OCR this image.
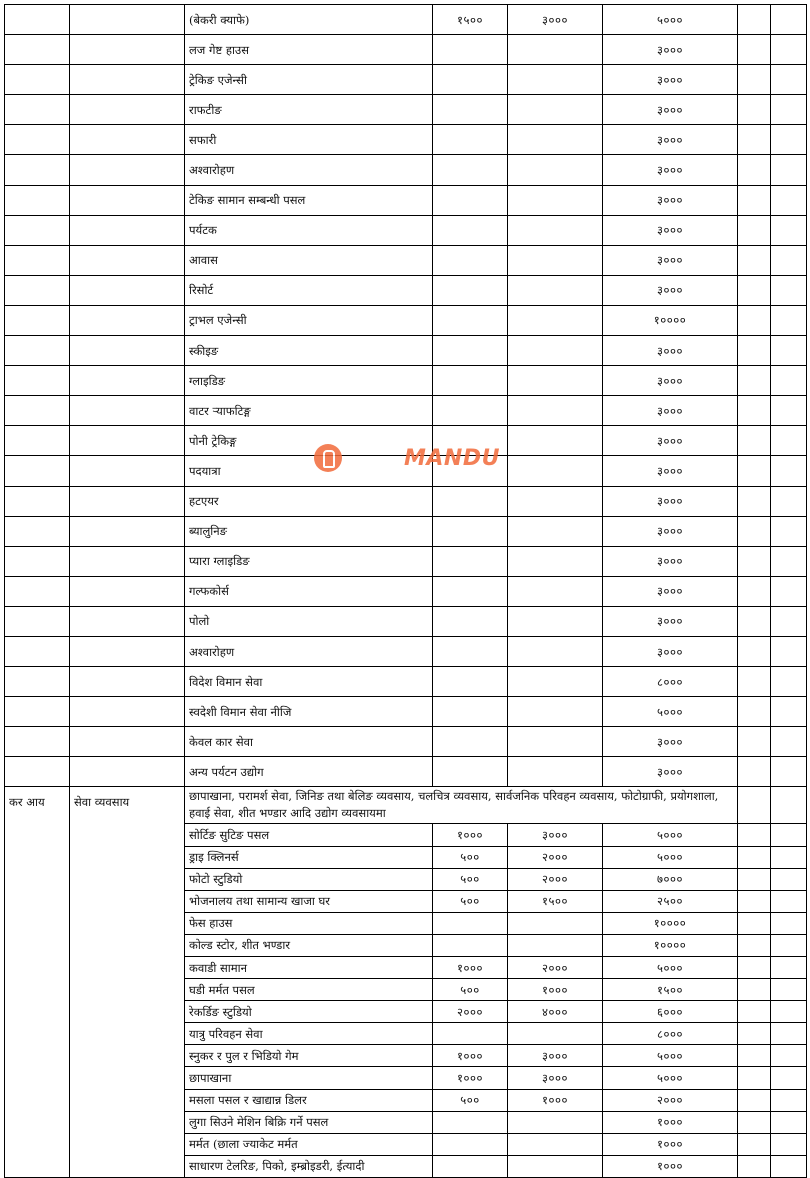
		(बेकरी क्याफे)	१५००	३०००	५०००		
		लज गेष्ट हाउस			३०००		
		ट्रेकिङ एजेन्सी			३०००		
		राफटीङ			३०००		
		सफारी			३०००		
		अश्वारोहण			३०००		
		टेकिङ सामान सम्बन्धी पसल			३०००		
		पर्यटक			३०००		
		आवास			३०००		
		रिसोर्ट			३०००		
		ट्राभल एजेन्सी			१००००		
		स्कीइङ			३०००		
		ग्लाइडिङ			३०००		
		वाटर ऱ्याफटिङ्ग			३०००		
		पोनी ट्रेकिङ्ग			३०००		
		पदयात्रा			३०००		
		हटएयर			३०००		
		ब्यालुनिङ			३०००		
		प्यारा ग्लाइडिङ			३०००		
		गल्फकोर्स			३०००		
		पोलो			३०००		
		अश्वारोहण			३०००		
		विदेश विमान सेवा			८०००		
		स्वदेशी विमान सेवा नीजि			५०००		
		केवल कार सेवा			३०००		
		अन्य पर्यटन उद्योग			३०००		
कर आय	सेवा व्यवसाय	छापाखाना, परामर्श सेवा, जिनिङ तथा बेलिङ व्यवसाय, चलचित्र व्यवसाय, सार्वजनिक परिवहन व्यवसाय, फोटोग्राफी, प्रयोगशाला, हवाई सेवा, शीत भण्डार आदि उद्योग व्यवसायमा					
		सोर्टिङ सुटिङ पसल	१०००	३०००	५०००		
		ड्राइ क्लिनर्स	५००	२०००	५०००		
		फोटो स्टुडियो	५००	२०००	७०००		
		भोजनालय तथा सामान्य खाजा घर	५००	१५००	२५००		
		फेस हाउस			१००००		
		कोल्ड स्टोर, शीत भण्डार			१००००		
		कवाडी सामान	१०००	२०००	५०००		
		घडी मर्मत पसल	५००	१०००	१५००		
		रेकर्डिङ स्टुडियो	२०००	४०००	६०००		
		यात्रु परिवहन सेवा			८०००		
		स्नुकर र पुल र भिडियो गेम	१०००	३०००	५०००		
		छापाखाना	१०००	३०००	५०००		
		मसला पसल र खाद्यान्न डिलर	५००	१०००	२०००		
		लुगा सिउने मेशिन बिक्रि गर्ने पसल			१०००		
		मर्मत (छाला ज्याकेट मर्मत			१०००		
		साधारण टेलरिङ, पिको, इम्ब्रोइडरी, ईत्यादी			१०००		
MANDU
